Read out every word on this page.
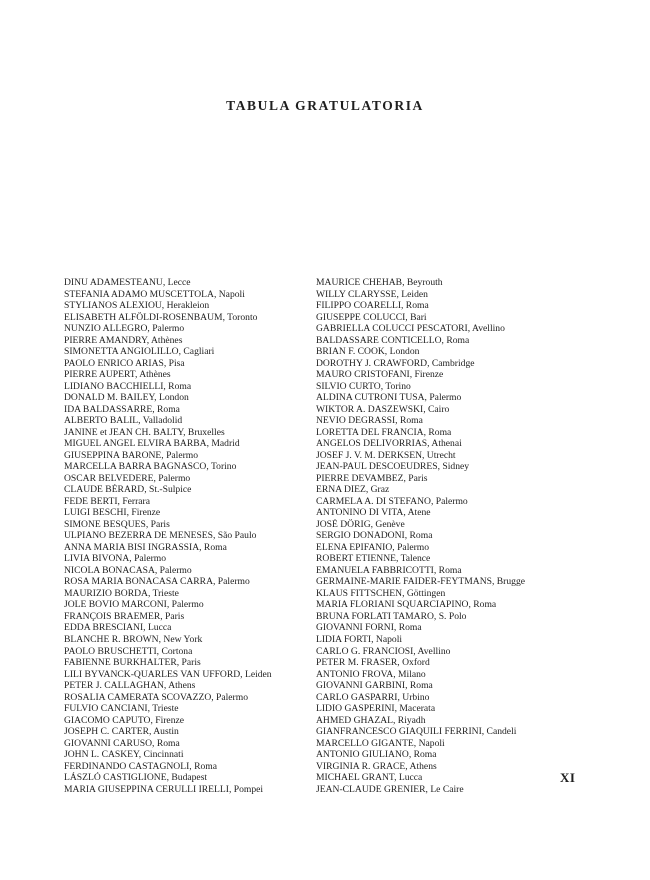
TABULA GRATULATORIA
DINU ADAMESTEANU, Lecce
STEFANIA ADAMO MUSCETTOLA, Napoli
STYLIANOS ALEXIOU, Herakleion
ELISABETH ALFÖLDI-ROSENBAUM, Toronto
NUNZIO ALLEGRO, Palermo
PIERRE AMANDRY, Athènes
SIMONETTA ANGIOLILLO, Cagliari
PAOLO ENRICO ARIAS, Pisa
PIERRE AUPERT, Athènes
LIDIANO BACCHIELLI, Roma
DONALD M. BAILEY, London
IDA BALDASSARRE, Roma
ALBERTO BALIL, Valladolid
JANINE et JEAN CH. BALTY, Bruxelles
MIGUEL ANGEL ELVIRA BARBA, Madrid
GIUSEPPINA BARONE, Palermo
MARCELLA BARRA BAGNASCO, Torino
OSCAR BELVEDERE, Palermo
CLAUDE BÉRARD, St.-Sulpice
FEDE BERTI, Ferrara
LUIGI BESCHI, Firenze
SIMONE BESQUES, Paris
ULPIANO BEZERRA DE MENESES, São Paulo
ANNA MARIA BISI INGRASSIA, Roma
LIVIA BIVONA, Palermo
NICOLA BONACASA, Palermo
ROSA MARIA BONACASA CARRA, Palermo
MAURIZIO BORDA, Trieste
JOLE BOVIO MARCONI, Palermo
FRANÇOIS BRAEMER, Paris
EDDA BRESCIANI, Lucca
BLANCHE R. BROWN, New York
PAOLO BRUSCHETTI, Cortona
FABIENNE BURKHALTER, Paris
LILI BYVANCK-QUARLES VAN UFFORD, Leiden
PETER J. CALLAGHAN, Athens
ROSALIA CAMERATA SCOVAZZO, Palermo
FULVIO CANCIANI, Trieste
GIACOMO CAPUTO, Firenze
JOSEPH C. CARTER, Austin
GIOVANNI CARUSO, Roma
JOHN L. CASKEY, Cincinnati
FERDINANDO CASTAGNOLI, Roma
LÁSZLÓ CASTIGLIONE, Budapest
MARIA GIUSEPPINA CERULLI IRELLI, Pompei
MAURICE CHEHAB, Beyrouth
WILLY CLARYSSE, Leiden
FILIPPO COARELLI, Roma
GIUSEPPE COLUCCI, Bari
GABRIELLA COLUCCI PESCATORI, Avellino
BALDASSARE CONTICELLO, Roma
BRIAN F. COOK, London
DOROTHY J. CRAWFORD, Cambridge
MAURO CRISTOFANI, Firenze
SILVIO CURTO, Torino
ALDINA CUTRONI TUSA, Palermo
WIKTOR A. DASZEWSKI, Cairo
NEVIO DEGRASSI, Roma
LORETTA DEL FRANCIA, Roma
ANGELOS DELIVORRIAS, Athenai
JOSEF J. V. M. DERKSEN, Utrecht
JEAN-PAUL DESCOEUDRES, Sidney
PIERRE DEVAMBEZ, Paris
ERNA DIEZ, Graz
CARMELA A. DI STEFANO, Palermo
ANTONINO DI VITA, Atene
JOSÉ DÖRIG, Genève
SERGIO DONADONI, Roma
ELENA EPIFANIO, Palermo
ROBERT ETIENNE, Talence
EMANUELA FABBRICOTTI, Roma
GERMAINE-MARIE FAIDER-FEYTMANS, Brugge
KLAUS FITTSCHEN, Göttingen
MARIA FLORIANI SQUARCIAPINO, Roma
BRUNA FORLATI TAMARO, S. Polo
GIOVANNI FORNI, Roma
LIDIA FORTI, Napoli
CARLO G. FRANCIOSI, Avellino
PETER M. FRASER, Oxford
ANTONIO FROVA, Milano
GIOVANNI GARBINI, Roma
CARLO GASPARRI, Urbino
LIDIO GASPERINI, Macerata
AHMED GHAZAL, Riyadh
GIANFRANCESCO GIAQUILI FERRINI, Candeli
MARCELLO GIGANTE, Napoli
ANTONIO GIULIANO, Roma
VIRGINIA R. GRACE, Athens
MICHAEL GRANT, Lucca
JEAN-CLAUDE GRENIER, Le Caire
XI
